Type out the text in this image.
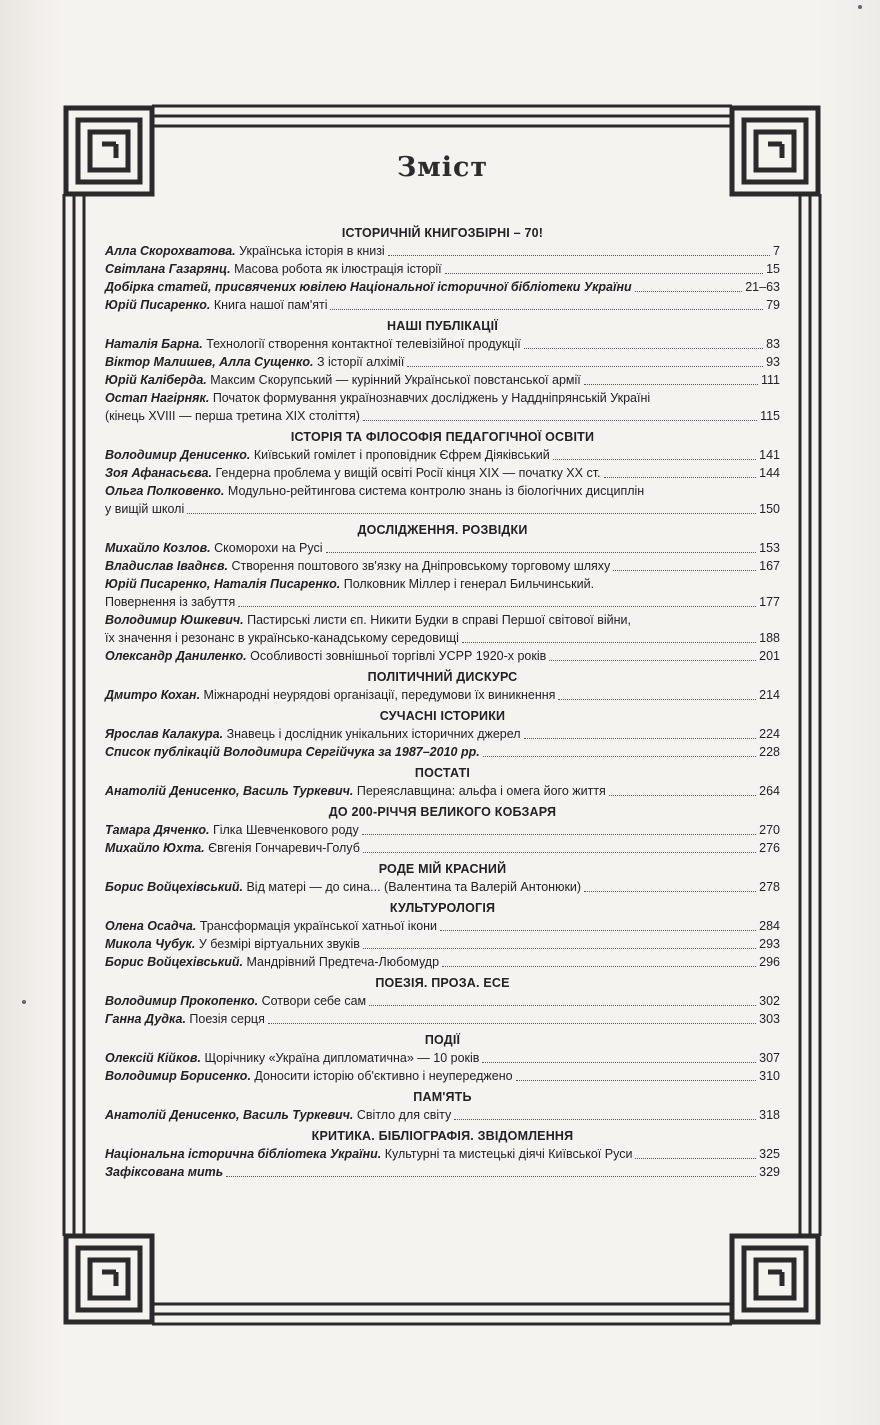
Зміст
ІСТОРИЧНІЙ КНИГОЗБІРНІ – 70!
Алла Скорохватова. Українська історія в книзі	7
Світлана Газарянц. Масова робота як ілюстрація історії	15
Добірка статей, присвячених ювілею Національної історичної бібліотеки України	21–63
Юрій Писаренко. Книга нашої пам'яті	79
НАШІ ПУБЛІКАЦІЇ
Наталія Барна. Технології створення контактної телевізійної продукції	83
Віктор Малишев, Алла Сущенко. З історії алхімії	93
Юрій Каліберда. Максим Скорупський — курінний Української повстанської армії	111
Остап Нагірняк. Початок формування українознавчих досліджень у Наддніпрянській Україні
(кінець XVIII — перша третина XIX століття)	115
ІСТОРІЯ ТА ФІЛОСОФІЯ ПЕДАГОГІЧНОЇ ОСВІТИ
Володимир Денисенко. Київський гомілет і проповідник Єфрем Діяківський	141
Зоя Афанасьєва. Гендерна проблема у вищій освіті Росії кінця XIX — початку XX ст.	144
Ольга Полковенко. Модульно-рейтингова система контролю знань із біологічних дисциплін
у вищій школі	150
ДОСЛІДЖЕННЯ. РОЗВІДКИ
Михайло Козлов. Скоморохи на Русі	153
Владислав Іваднєв. Створення поштового зв'язку на Дніпровському торговому шляху	167
Юрій Писаренко, Наталія Писаренко. Полковник Міллер і генерал Бильчинський.
Повернення із забуття	177
Володимир Юшкевич. Пастирські листи єп. Никити Будки в справі Першої світової війни,
їх значення і резонанс в українсько-канадському середовищі	188
Олександр Даниленко. Особливості зовнішньої торгівлі УСРР 1920-х років	201
ПОЛІТИЧНИЙ ДИСКУРС
Дмитро Кохан. Міжнародні неурядові організації, передумови їх виникнення	214
СУЧАСНІ ІСТОРИКИ
Ярослав Калакура. Знавець і дослідник унікальних історичних джерел	224
Список публікацій Володимира Сергійчука за 1987–2010 рр.	228
ПОСТАТІ
Анатолій Денисенко, Василь Туркевич. Переяславщина: альфа і омега його життя	264
ДО 200-РІЧЧЯ ВЕЛИКОГО КОБЗАРЯ
Тамара Дяченко. Гілка Шевченкового роду	270
Михайло Юхта. Євгенія Гончаревич-Голуб	276
РОДЕ МІЙ КРАСНИЙ
Борис Войцехівський. Від матері — до сина... (Валентина та Валерій Антонюки)	278
КУЛЬТУРОЛОГІЯ
Олена Осадча. Трансформація української хатньої ікони	284
Микола Чубук. У безмірі віртуальних звуків	293
Борис Войцехівський. Мандрівний Предтеча-Любомудр	296
ПОЕЗІЯ. ПРОЗА. ЕСЕ
Володимир Прокопенко. Сотвори себе сам	302
Ганна Дудка. Поезія серця	303
ПОДІЇ
Олексій Кійков. Щорічнику «Україна дипломатична» — 10 років	307
Володимир Борисенко. Доносити історію об'єктивно і неупереджено	310
ПАМ'ЯТЬ
Анатолій Денисенко, Василь Туркевич. Світло для світу	318
КРИТИКА. БІБЛІОГРАФІЯ. ЗВІДОМЛЕННЯ
Національна історична бібліотека України. Культурні та мистецькі діячі Київської Руси	325
Зафіксована мить	329
